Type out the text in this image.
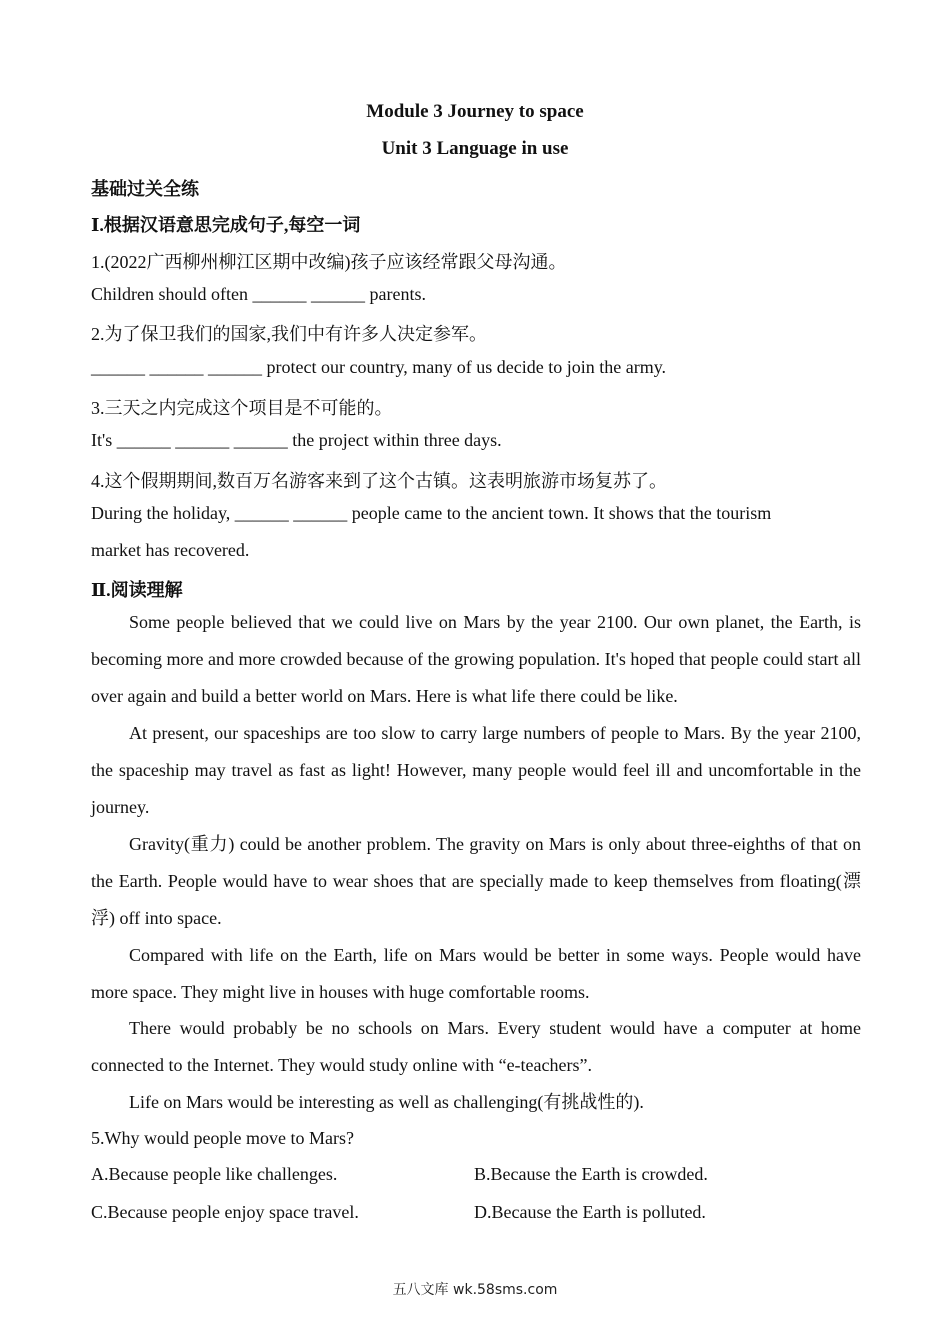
Module 3 Journey to space
Unit 3 Language in use
基础过关全练
Ⅰ.根据汉语意思完成句子,每空一词
1.(2022广西柳州柳江区期中改编)孩子应该经常跟父母沟通。
Children should often ______ ______ parents.
2.为了保卫我们的国家,我们中有许多人决定参军。
______ ______ ______ protect our country, many of us decide to join the army.
3.三天之内完成这个项目是不可能的。
It's ______ ______ ______ the project within three days.
4.这个假期期间,数百万名游客来到了这个古镇。这表明旅游市场复苏了。
During the holiday, ______ ______ people came to the ancient town. It shows that the tourism
market has recovered.
Ⅱ.阅读理解
Some people believed that we could live on Mars by the year 2100. Our own planet, the Earth, is becoming more and more crowded because of the growing population. It's hoped that people could start all over again and build a better world on Mars. Here is what life there could be like.
At present, our spaceships are too slow to carry large numbers of people to Mars. By the year 2100, the spaceship may travel as fast as light! However, many people would feel ill and uncomfortable in the journey.
Gravity(重力) could be another problem. The gravity on Mars is only about three-eighths of that on the Earth. People would have to wear shoes that are specially made to keep themselves from floating(漂浮) off into space.
Compared with life on the Earth, life on Mars would be better in some ways. People would have more space. They might live in houses with huge comfortable rooms.
There would probably be no schools on Mars. Every student would have a computer at home connected to the Internet. They would study online with “e-teachers”.
Life on Mars would be interesting as well as challenging(有挑战性的).
5.Why would people move to Mars?
A.Because people like challenges.	B.Because the Earth is crowded.
C.Because people enjoy space travel.	D.Because the Earth is polluted.
五八文库 wk.58sms.com
